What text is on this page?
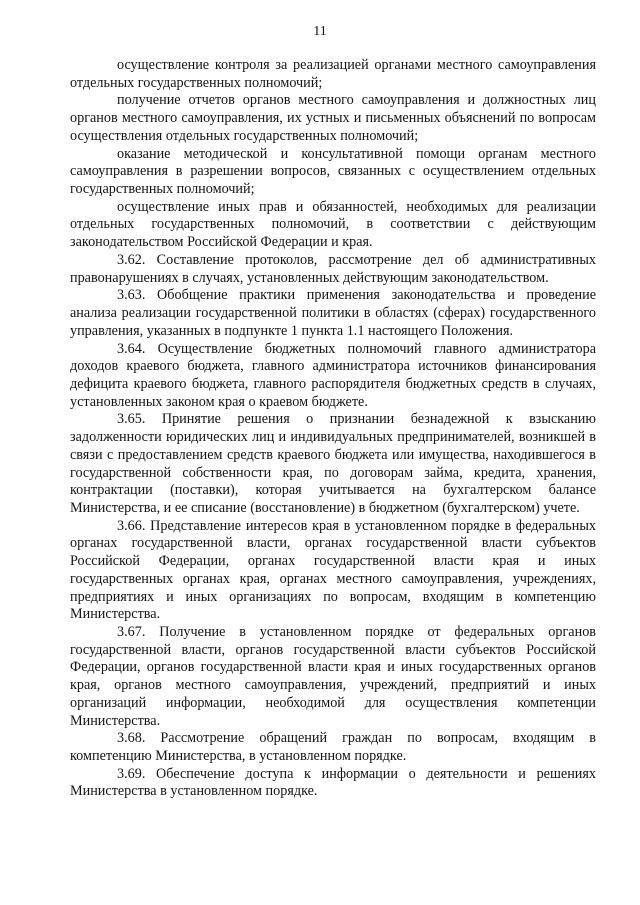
11

осуществление контроля за реализацией органами местного самоуправления отдельных государственных полномочий;

получение отчетов органов местного самоуправления и должностных лиц органов местного самоуправления, их устных и письменных объяснений по вопросам осуществления отдельных государственных полномочий;

оказание методической и консультативной помощи органам местного самоуправления в разрешении вопросов, связанных с осуществлением отдельных государственных полномочий;

осуществление иных прав и обязанностей, необходимых для реализации отдельных государственных полномочий, в соответствии с действующим законодательством Российской Федерации и края.

3.62. Составление протоколов, рассмотрение дел об административных правонарушениях в случаях, установленных действующим законодательством.

3.63. Обобщение практики применения законодательства и проведение анализа реализации государственной политики в областях (сферах) государственного управления, указанных в подпункте 1 пункта 1.1 настоящего Положения.

3.64. Осуществление бюджетных полномочий главного администратора доходов краевого бюджета, главного администратора источников финансирования дефицита краевого бюджета, главного распорядителя бюджетных средств в случаях, установленных законом края о краевом бюджете.

3.65. Принятие решения о признании безнадежной к взысканию задолженности юридических лиц и индивидуальных предпринимателей, возникшей в связи с предоставлением средств краевого бюджета или имущества, находившегося в государственной собственности края, по договорам займа, кредита, хранения, контрактации (поставки), которая учитывается на бухгалтерском балансе Министерства, и ее списание (восстановление) в бюджетном (бухгалтерском) учете.

3.66. Представление интересов края в установленном порядке в федеральных органах государственной власти, органах государственной власти субъектов Российской Федерации, органах государственной власти края и иных государственных органах края, органах местного самоуправления, учреждениях, предприятиях и иных организациях по вопросам, входящим в компетенцию Министерства.

3.67. Получение в установленном порядке от федеральных органов государственной власти, органов государственной власти субъектов Российской Федерации, органов государственной власти края и иных государственных органов края, органов местного самоуправления, учреждений, предприятий и иных организаций информации, необходимой для осуществления компетенции Министерства.

3.68. Рассмотрение обращений граждан по вопросам, входящим в компетенцию Министерства, в установленном порядке.

3.69. Обеспечение доступа к информации о деятельности и решениях Министерства в установленном порядке.
